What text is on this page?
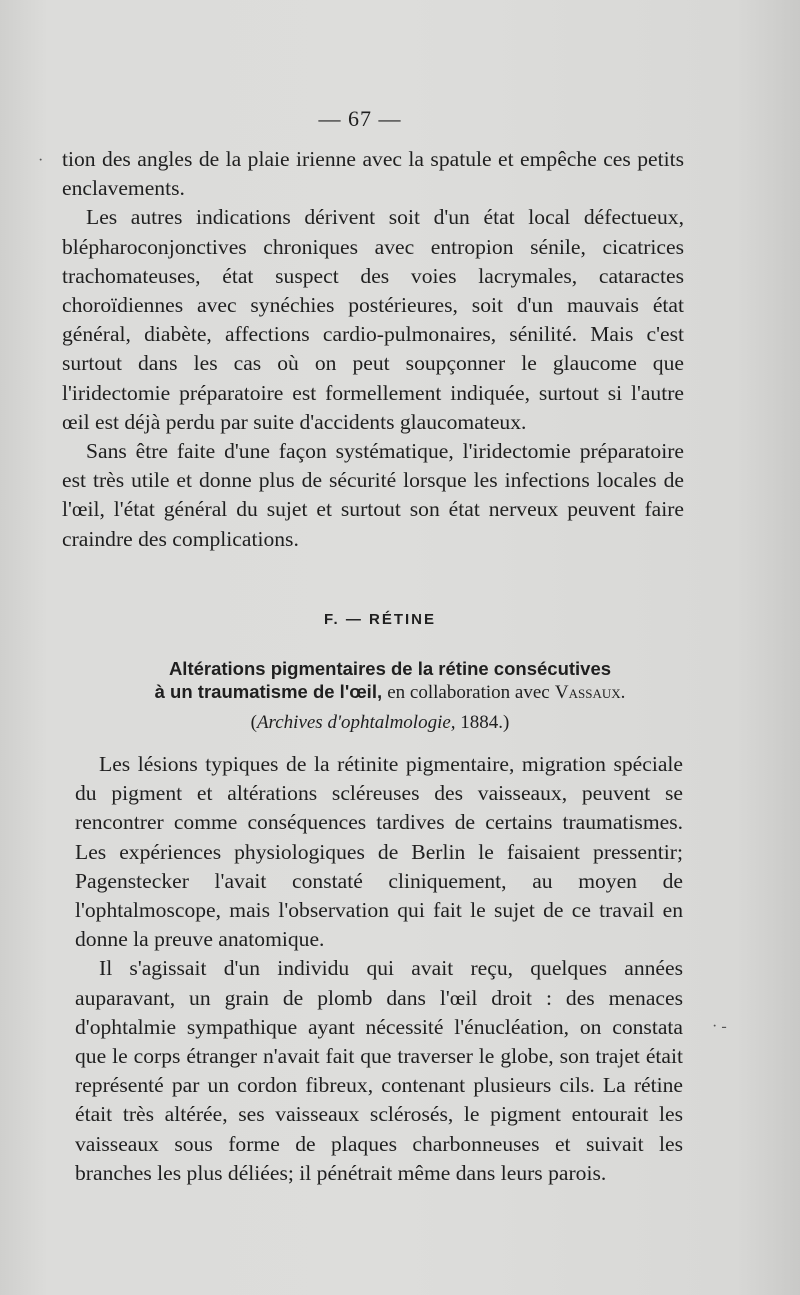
— 67 —
·
· -

tion des angles de la plaie irienne avec la spatule et empêche ces petits enclavements.

Les autres indications dérivent soit d'un état local défectueux, blépharoconjonctives chroniques avec entropion sénile, cicatrices trachomateuses, état suspect des voies lacrymales, cataractes choroïdiennes avec synéchies postérieures, soit d'un mauvais état général, diabète, affections cardio-pulmonaires, sénilité. Mais c'est surtout dans les cas où on peut soupçonner le glaucome que l'iridectomie préparatoire est formellement indiquée, surtout si l'autre œil est déjà perdu par suite d'accidents glaucomateux.

Sans être faite d'une façon systématique, l'iridectomie préparatoire est très utile et donne plus de sécurité lorsque les infections locales de l'œil, l'état général du sujet et surtout son état nerveux peuvent faire craindre des complications.

F. — RÉTINE
Altérations pigmentaires de la rétine consécutives
à un traumatisme de l'œil, en collaboration avec Vassaux.
(Archives d'ophtalmologie, 1884.)

Les lésions typiques de la rétinite pigmentaire, migration spéciale du pigment et altérations scléreuses des vaisseaux, peuvent se rencontrer comme conséquences tardives de certains traumatismes. Les expériences physiologiques de Berlin le faisaient pressentir; Pagenstecker l'avait constaté cliniquement, au moyen de l'ophtalmoscope, mais l'observation qui fait le sujet de ce travail en donne la preuve anatomique.

Il s'agissait d'un individu qui avait reçu, quelques années auparavant, un grain de plomb dans l'œil droit : des menaces d'ophtalmie sympathique ayant nécessité l'énucléation, on constata que le corps étranger n'avait fait que traverser le globe, son trajet était représenté par un cordon fibreux, contenant plusieurs cils. La rétine était très altérée, ses vaisseaux sclérosés, le pigment entourait les vaisseaux sous forme de plaques charbonneuses et suivait les branches les plus déliées; il pénétrait même dans leurs parois.
